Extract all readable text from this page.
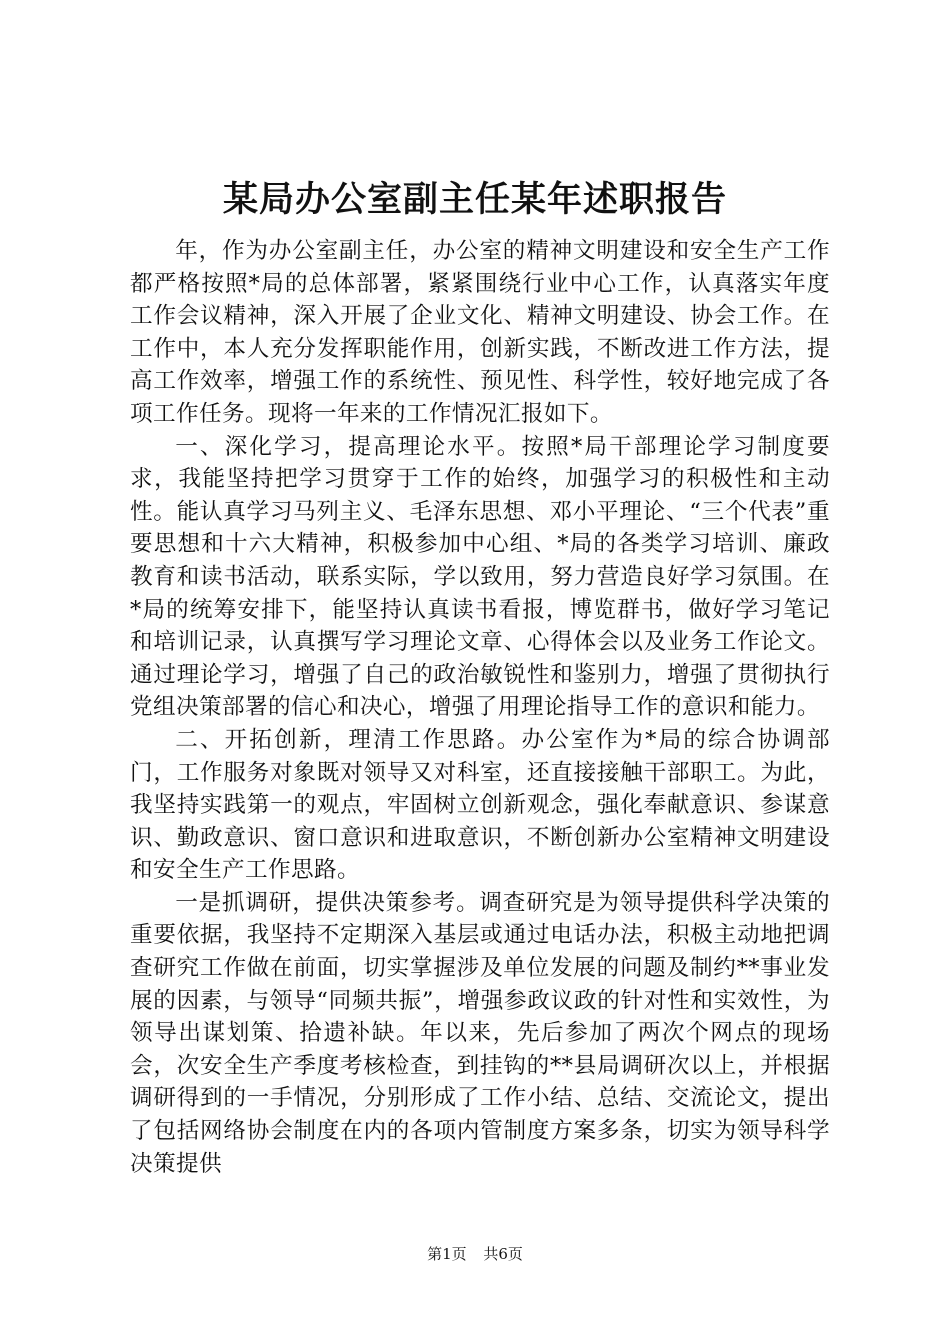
某局办公室副主任某年述职报告

年，作为办公室副主任，办公室的精神文明建设和安全生产工作都严格按照*局的总体部署，紧紧围绕行业中心工作，认真落实年度工作会议精神，深入开展了企业文化、精神文明建设、协会工作。在工作中，本人充分发挥职能作用，创新实践，不断改进工作方法，提高工作效率，增强工作的系统性、预见性、科学性，较好地完成了各项工作任务。现将一年来的工作情况汇报如下。

一、深化学习，提高理论水平。按照*局干部理论学习制度要求，我能坚持把学习贯穿于工作的始终，加强学习的积极性和主动性。能认真学习马列主义、毛泽东思想、邓小平理论、“三个代表”重要思想和十六大精神，积极参加中心组、*局的各类学习培训、廉政教育和读书活动，联系实际，学以致用，努力营造良好学习氛围。在*局的统筹安排下，能坚持认真读书看报，博览群书，做好学习笔记和培训记录，认真撰写学习理论文章、心得体会以及业务工作论文。通过理论学习，增强了自己的政治敏锐性和鉴别力，增强了贯彻执行党组决策部署的信心和决心，增强了用理论指导工作的意识和能力。

二、开拓创新，理清工作思路。办公室作为*局的综合协调部门，工作服务对象既对领导又对科室，还直接接触干部职工。为此，我坚持实践第一的观点，牢固树立创新观念，强化奉献意识、参谋意识、勤政意识、窗口意识和进取意识，不断创新办公室精神文明建设和安全生产工作思路。

一是抓调研，提供决策参考。调查研究是为领导提供科学决策的重要依据，我坚持不定期深入基层或通过电话办法，积极主动地把调查研究工作做在前面，切实掌握涉及单位发展的问题及制约**事业发展的因素，与领导“同频共振”，增强参政议政的针对性和实效性，为领导出谋划策、拾遗补缺。年以来，先后参加了两次个网点的现场会，次安全生产季度考核检查，到挂钩的**县局调研次以上，并根据调研得到的一手情况，分别形成了工作小结、总结、交流论文，提出了包括网络协会制度在内的各项内管制度方案多条，切实为领导科学决策提供

第1页 共6页
